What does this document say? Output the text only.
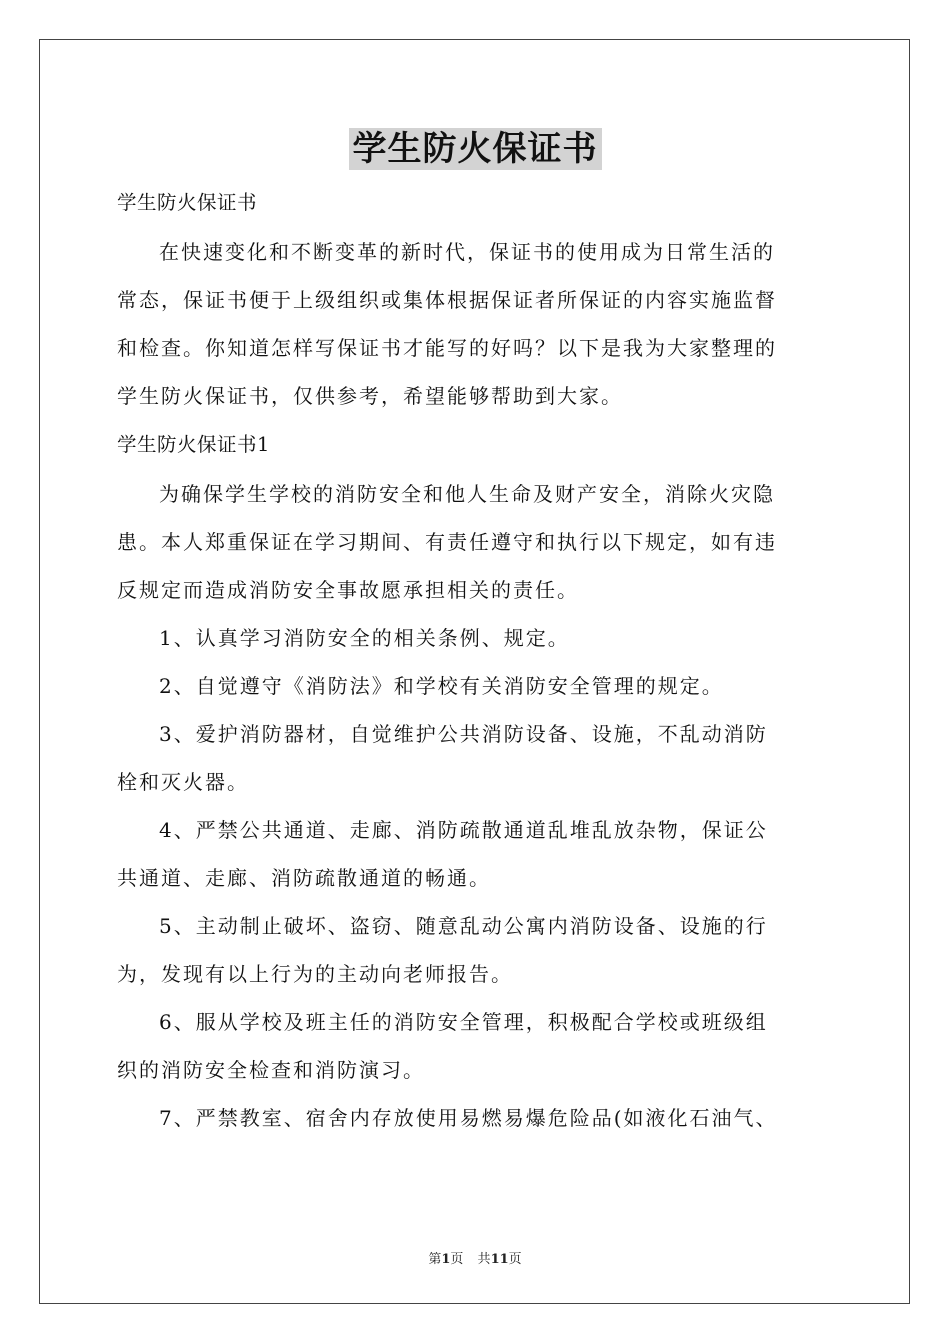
学生防火保证书
学生防火保证书
在快速变化和不断变革的新时代，保证书的使用成为日常生活的
常态，保证书便于上级组织或集体根据保证者所保证的内容实施监督
和检查。你知道怎样写保证书才能写的好吗？以下是我为大家整理的
学生防火保证书，仅供参考，希望能够帮助到大家。
学生防火保证书1
为确保学生学校的消防安全和他人生命及财产安全，消除火灾隐
患。本人郑重保证在学习期间、有责任遵守和执行以下规定，如有违
反规定而造成消防安全事故愿承担相关的责任。
1、认真学习消防安全的相关条例、规定。
2、自觉遵守《消防法》和学校有关消防安全管理的规定。
3、爱护消防器材，自觉维护公共消防设备、设施，不乱动消防
栓和灭火器。
4、严禁公共通道、走廊、消防疏散通道乱堆乱放杂物，保证公
共通道、走廊、消防疏散通道的畅通。
5、主动制止破坏、盗窃、随意乱动公寓内消防设备、设施的行
为，发现有以上行为的主动向老师报告。
6、服从学校及班主任的消防安全管理，积极配合学校或班级组
织的消防安全检查和消防演习。
7、严禁教室、宿舍内存放使用易燃易爆危险品(如液化石油气、
第1页 共11页
